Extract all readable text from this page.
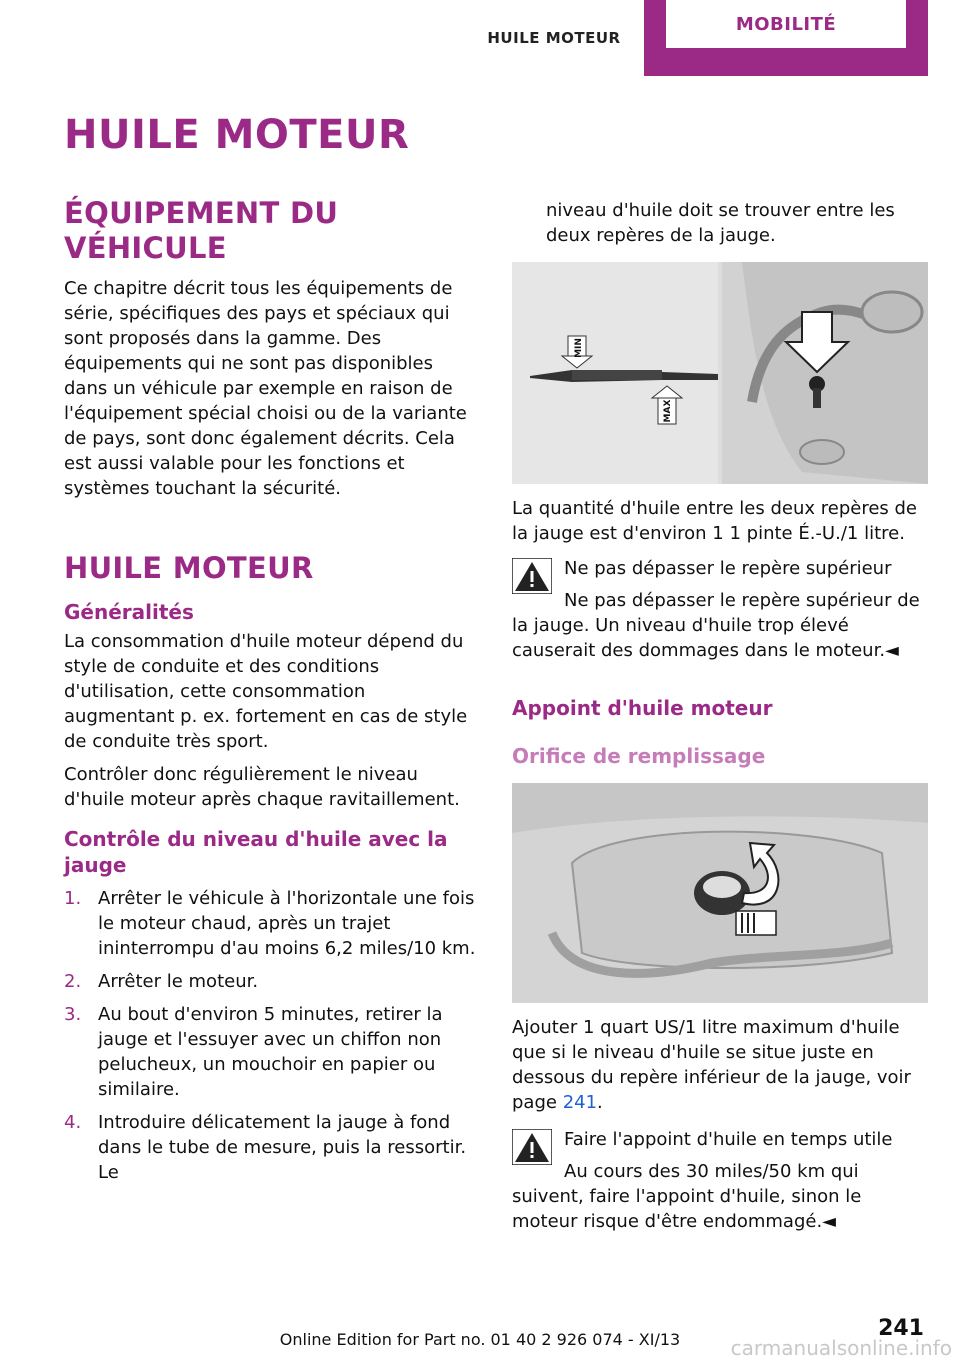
HUILE MOTEUR
MOBILITÉ
HUILE MOTEUR
ÉQUIPEMENT DU VÉHICULE
Ce chapitre décrit tous les équipements de série, spécifiques des pays et spéciaux qui sont proposés dans la gamme. Des équipements qui ne sont pas disponibles dans un véhicule par exemple en raison de l'équipement spécial choisi ou de la variante de pays, sont donc également décrits. Cela est aussi valable pour les fonctions et systèmes touchant la sécurité.
HUILE MOTEUR
Généralités
La consommation d'huile moteur dépend du style de conduite et des conditions d'utilisation, cette consommation augmentant p. ex. fortement en cas de style de conduite très sport.
Contrôler donc régulièrement le niveau d'huile moteur après chaque ravitaillement.
Contrôle du niveau d'huile avec la jauge
1. Arrêter le véhicule à l'horizontale une fois le moteur chaud, après un trajet ininterrompu d'au moins 6,2 miles/10 km.
2. Arrêter le moteur.
3. Au bout d'environ 5 minutes, retirer la jauge et l'essuyer avec un chiffon non pelucheux, un mouchoir en papier ou similaire.
4. Introduire délicatement la jauge à fond dans le tube de mesure, puis la ressortir. Le
niveau d'huile doit se trouver entre les deux repères de la jauge.
MIN
MAX
La quantité d'huile entre les deux repères de la jauge est d'environ 1 1 pinte É.-U./1 litre.
Ne pas dépasser le repère supérieur
Ne pas dépasser le repère supérieur de la jauge. Un niveau d'huile trop élevé causerait des dommages dans le moteur.◄
Appoint d'huile moteur
Orifice de remplissage
Ajouter 1 quart US/1 litre maximum d'huile que si le niveau d'huile se situe juste en dessous du repère inférieur de la jauge, voir page 241.
Faire l'appoint d'huile en temps utile
Au cours des 30 miles/50 km qui suivent, faire l'appoint d'huile, sinon le moteur risque d'être endommagé.◄
241
Online Edition for Part no. 01 40 2 926 074 - XI/13	carmanualsonline.info
